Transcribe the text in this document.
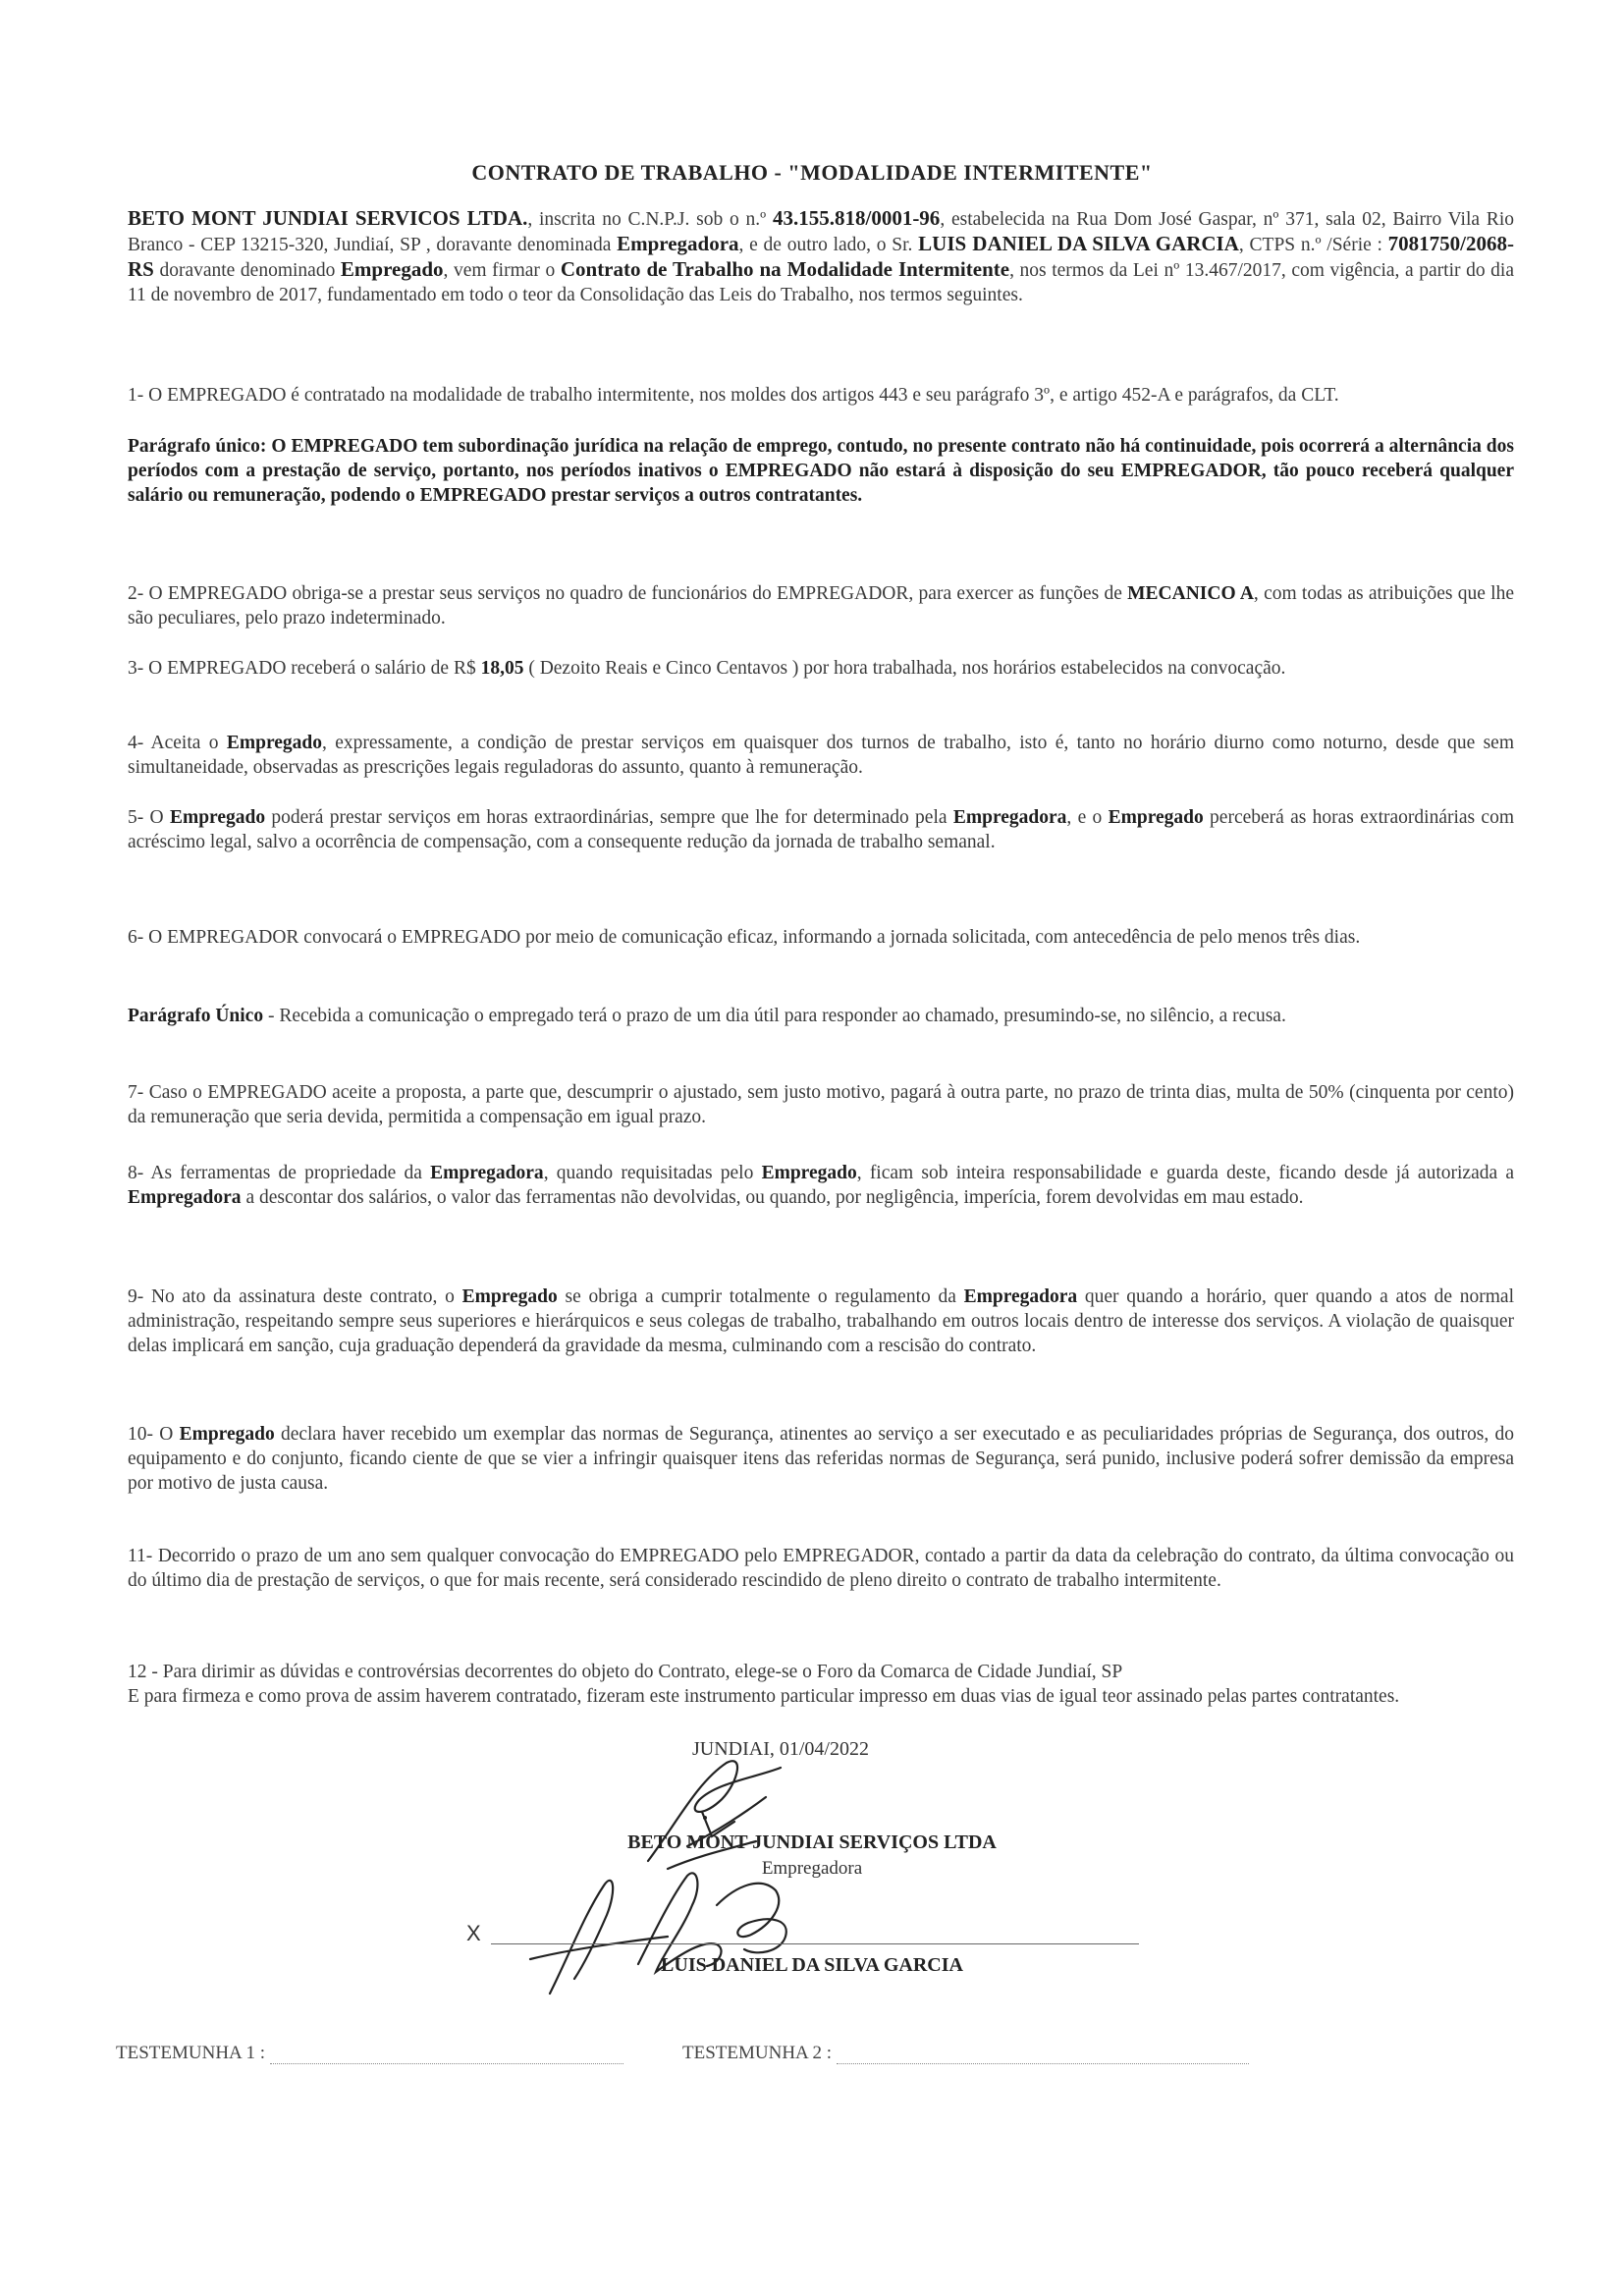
CONTRATO DE TRABALHO - "MODALIDADE INTERMITENTE"
BETO MONT JUNDIAI SERVICOS LTDA., inscrita no C.N.P.J. sob o n.º 43.155.818/0001-96, estabelecida na Rua Dom José Gaspar, nº 371, sala 02, Bairro Vila Rio Branco - CEP 13215-320, Jundiaí, SP , doravante denominada Empregadora, e de outro lado, o Sr. LUIS DANIEL DA SILVA GARCIA, CTPS n.º /Série : 7081750/2068-RS doravante denominado Empregado, vem firmar o Contrato de Trabalho na Modalidade Intermitente, nos termos da Lei nº 13.467/2017, com vigência, a partir do dia 11 de novembro de 2017, fundamentado em todo o teor da Consolidação das Leis do Trabalho, nos termos seguintes.
1- O EMPREGADO é contratado na modalidade de trabalho intermitente, nos moldes dos artigos 443 e seu parágrafo 3º, e artigo 452-A e parágrafos, da CLT.
Parágrafo único: O EMPREGADO tem subordinação jurídica na relação de emprego, contudo, no presente contrato não há continuidade, pois ocorrerá a alternância dos períodos com a prestação de serviço, portanto, nos períodos inativos o EMPREGADO não estará à disposição do seu EMPREGADOR, tão pouco receberá qualquer salário ou remuneração, podendo o EMPREGADO prestar serviços a outros contratantes.
2- O EMPREGADO obriga-se a prestar seus serviços no quadro de funcionários do EMPREGADOR, para exercer as funções de MECANICO A, com todas as atribuições que lhe são peculiares, pelo prazo indeterminado.
3- O EMPREGADO receberá o salário de R$ 18,05 ( Dezoito Reais e Cinco Centavos ) por hora trabalhada, nos horários estabelecidos na convocação.
4- Aceita o Empregado, expressamente, a condição de prestar serviços em quaisquer dos turnos de trabalho, isto é, tanto no horário diurno como noturno, desde que sem simultaneidade, observadas as prescrições legais reguladoras do assunto, quanto à remuneração.
5- O Empregado poderá prestar serviços em horas extraordinárias, sempre que lhe for determinado pela Empregadora, e o Empregado perceberá as horas extraordinárias com acréscimo legal, salvo a ocorrência de compensação, com a consequente redução da jornada de trabalho semanal.
6- O EMPREGADOR convocará o EMPREGADO por meio de comunicação eficaz, informando a jornada solicitada, com antecedência de pelo menos três dias.
Parágrafo Único - Recebida a comunicação o empregado terá o prazo de um dia útil para responder ao chamado, presumindo-se, no silêncio, a recusa.
7- Caso o EMPREGADO aceite a proposta, a parte que, descumprir o ajustado, sem justo motivo, pagará à outra parte, no prazo de trinta dias, multa de 50% (cinquenta por cento) da remuneração que seria devida, permitida a compensação em igual prazo.
8- As ferramentas de propriedade da Empregadora, quando requisitadas pelo Empregado, ficam sob inteira responsabilidade e guarda deste, ficando desde já autorizada a Empregadora a descontar dos salários, o valor das ferramentas não devolvidas, ou quando, por negligência, imperícia, forem devolvidas em mau estado.
9- No ato da assinatura deste contrato, o Empregado se obriga a cumprir totalmente o regulamento da Empregadora quer quando a horário, quer quando a atos de normal administração, respeitando sempre seus superiores e hierárquicos e seus colegas de trabalho, trabalhando em outros locais dentro de interesse dos serviços. A violação de quaisquer delas implicará em sanção, cuja graduação dependerá da gravidade da mesma, culminando com a rescisão do contrato.
10- O Empregado declara haver recebido um exemplar das normas de Segurança, atinentes ao serviço a ser executado e as peculiaridades próprias de Segurança, dos outros, do equipamento e do conjunto, ficando ciente de que se vier a infringir quaisquer itens das referidas normas de Segurança, será punido, inclusive poderá sofrer demissão da empresa por motivo de justa causa.
11- Decorrido o prazo de um ano sem qualquer convocação do EMPREGADO pelo EMPREGADOR, contado a partir da data da celebração do contrato, da última convocação ou do último dia de prestação de serviços, o que for mais recente, será considerado rescindido de pleno direito o contrato de trabalho intermitente.
12 - Para dirimir as dúvidas e controvérsias decorrentes do objeto do Contrato, elege-se o Foro da Comarca de Cidade Jundiaí, SP
E para firmeza e como prova de assim haverem contratado, fizeram este instrumento particular impresso em duas vias de igual teor assinado pelas partes contratantes.
JUNDIAI, 01/04/2022
BETO MONT JUNDIAI SERVIÇOS LTDA
Empregadora
X
LUIS DANIEL DA SILVA GARCIA
TESTEMUNHA 1 :	TESTEMUNHA 2 :
